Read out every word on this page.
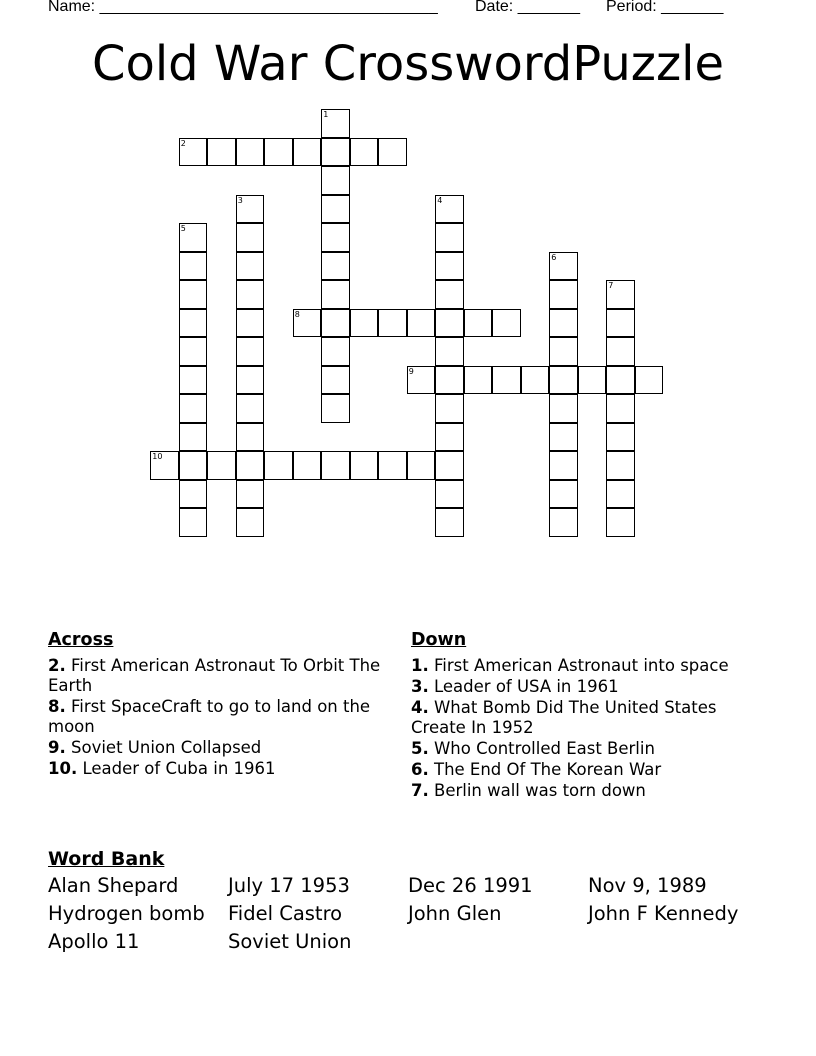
Name: ______________________________________ Date: _______ Period: _______
Cold War CrosswordPuzzle
1
2
3	4
5
6
7
8
9
10
Across
2. First American Astronaut To Orbit The Earth
8. First SpaceCraft to go to land on the moon
9. Soviet Union Collapsed
10. Leader of Cuba in 1961
Down
1. First American Astronaut into space
3. Leader of USA in 1961
4. What Bomb Did The United States Create In 1952
5. Who Controlled East Berlin
6. The End Of The Korean War
7. Berlin wall was torn down
Word Bank
Alan Shepard	July 17 1953	Dec 26 1991	Nov 9, 1989
Hydrogen bomb	Fidel Castro	John Glen	John F Kennedy
Apollo 11	Soviet Union
